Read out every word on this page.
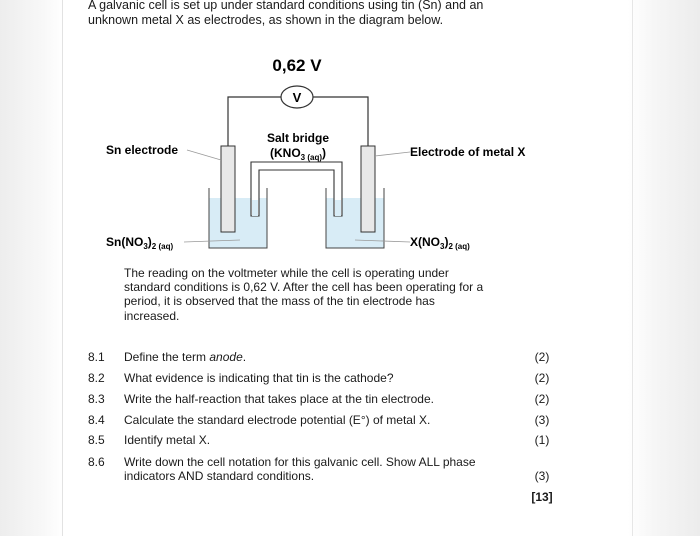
A galvanic cell is set up under standard conditions using tin (Sn) and an

unknown metal X as electrodes, as shown in the diagram below.

0,62 V
V
Salt bridge
($KNO_3$ (aq))
Sn electrode	Electrode of metal X
$Sn(NO_3)_2$ (aq)	$X(NO_3)_2$ (aq)
The reading on the voltmeter while the cell is operating under
standard conditions is 0,62 V. After the cell has been operating for a
period, it is observed that the mass of the tin electrode has
increased.
8.1 Define the term anode.	(2)
8.2 What evidence is indicating that tin is the cathode?	(2)
8.3 Write the half-reaction that takes place at the tin electrode.	(2)
8.4 Calculate the standard electrode potential (E°) of metal X.	(3)
8.5 Identify metal X.	(1)
8.6 Write down the cell notation for this galvanic cell. Show ALL phase
indicators AND standard conditions.	(3)
[13]
